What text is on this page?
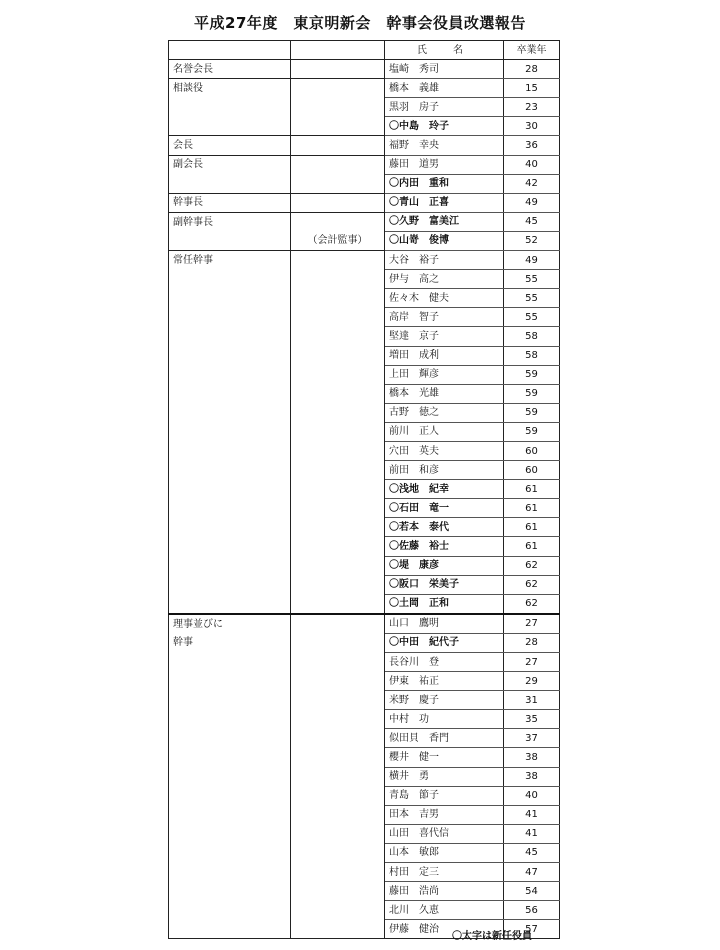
平成27年度　東京明新会　幹事会役員改選報告
		氏　名	卒業年
名誉会長		塩崎　秀司	28
相談役		橋本　義雄	15
		黒羽　房子	23
		〇中島　玲子	30
会長		福野　幸央	36
副会長		藤田　道男	40
		〇内田　重和	42
幹事長		〇青山　正喜	49
副幹事長		〇久野　富美江	45
	（会計監事）	〇山嵜　俊博	52
常任幹事		大谷　裕子	49
		伊与　高之	55
		佐々木　健夫	55
		高岸　智子	55
		堅達　京子	58
		増田　成利	58
		上田　輝彦	59
		橋本　光雄	59
		古野　徳之	59
		前川　正人	59
		穴田　英夫	60
		前田　和彦	60
		〇浅地　紀幸	61
		〇石田　竜一	61
		〇若本　泰代	61
		〇佐藤　裕士	61
		〇堤　康彦	62
		〇阪口　栄美子	62
		〇土岡　正和	62
理事並びに		山口　鷹明	27
幹事		〇中田　紀代子	28
		長谷川　登	27
		伊東　祐正	29
		米野　慶子	31
		中村　功	35
		似田貝　香門	37
		櫻井　健一	38
		横井　勇	38
		青島　節子	40
		田本　吉男	41
		山田　喜代信	41
		山本　敏郎	45
		村田　定三	47
		藤田　浩尚	54
		北川　久恵	56
		伊藤　健治	57
〇太字は新任役員
